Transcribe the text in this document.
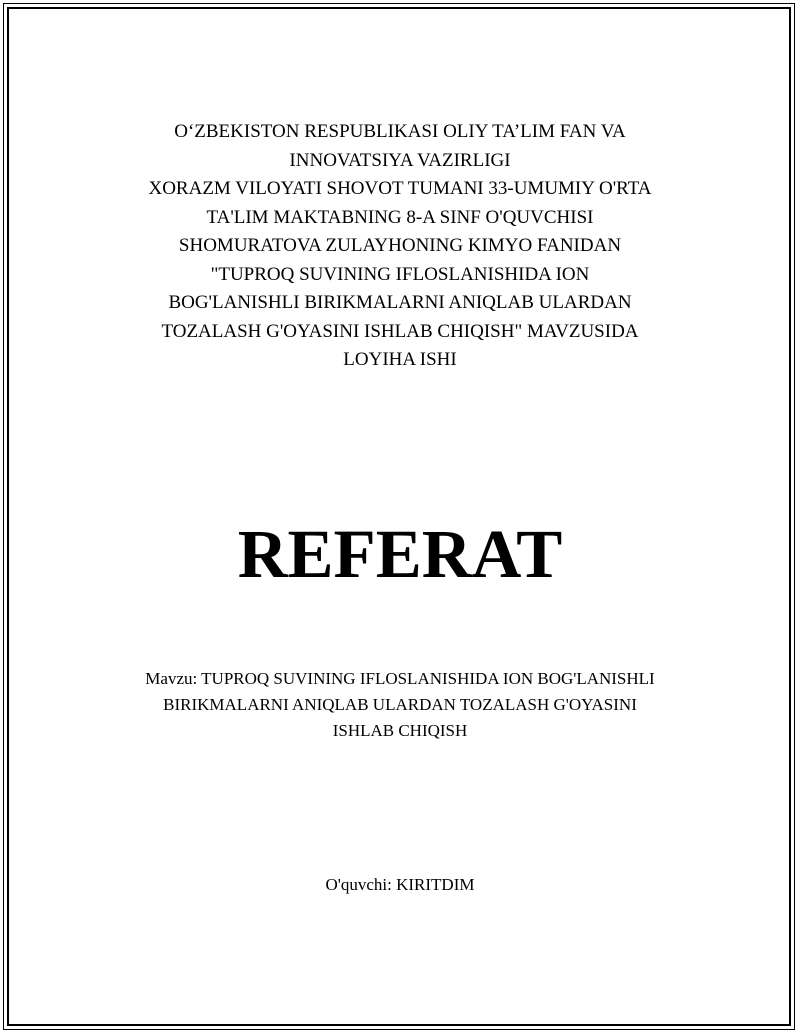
O‘ZBEKISTON RESPUBLIKASI OLIY TA’LIM FAN VA
INNOVATSIYA VAZIRLIGI
XORAZM VILOYATI SHOVOT TUMANI 33-UMUMIY O'RTA
TA'LIM MAKTABNING 8-A SINF O'QUVCHISI
SHOMURATOVA ZULAYHONING KIMYO FANIDAN
"TUPROQ SUVINING IFLOSLANISHIDA ION
BOG'LANISHLI BIRIKMALARNI ANIQLAB ULARDAN
TOZALASH G'OYASINI ISHLAB CHIQISH" MAVZUSIDA
LOYIHA ISHI
REFERAT
Mavzu: TUPROQ SUVINING IFLOSLANISHIDA ION BOG'LANISHLI
BIRIKMALARNI ANIQLAB ULARDAN TOZALASH G'OYASINI
ISHLAB CHIQISH
O'quvchi: KIRITDIM
